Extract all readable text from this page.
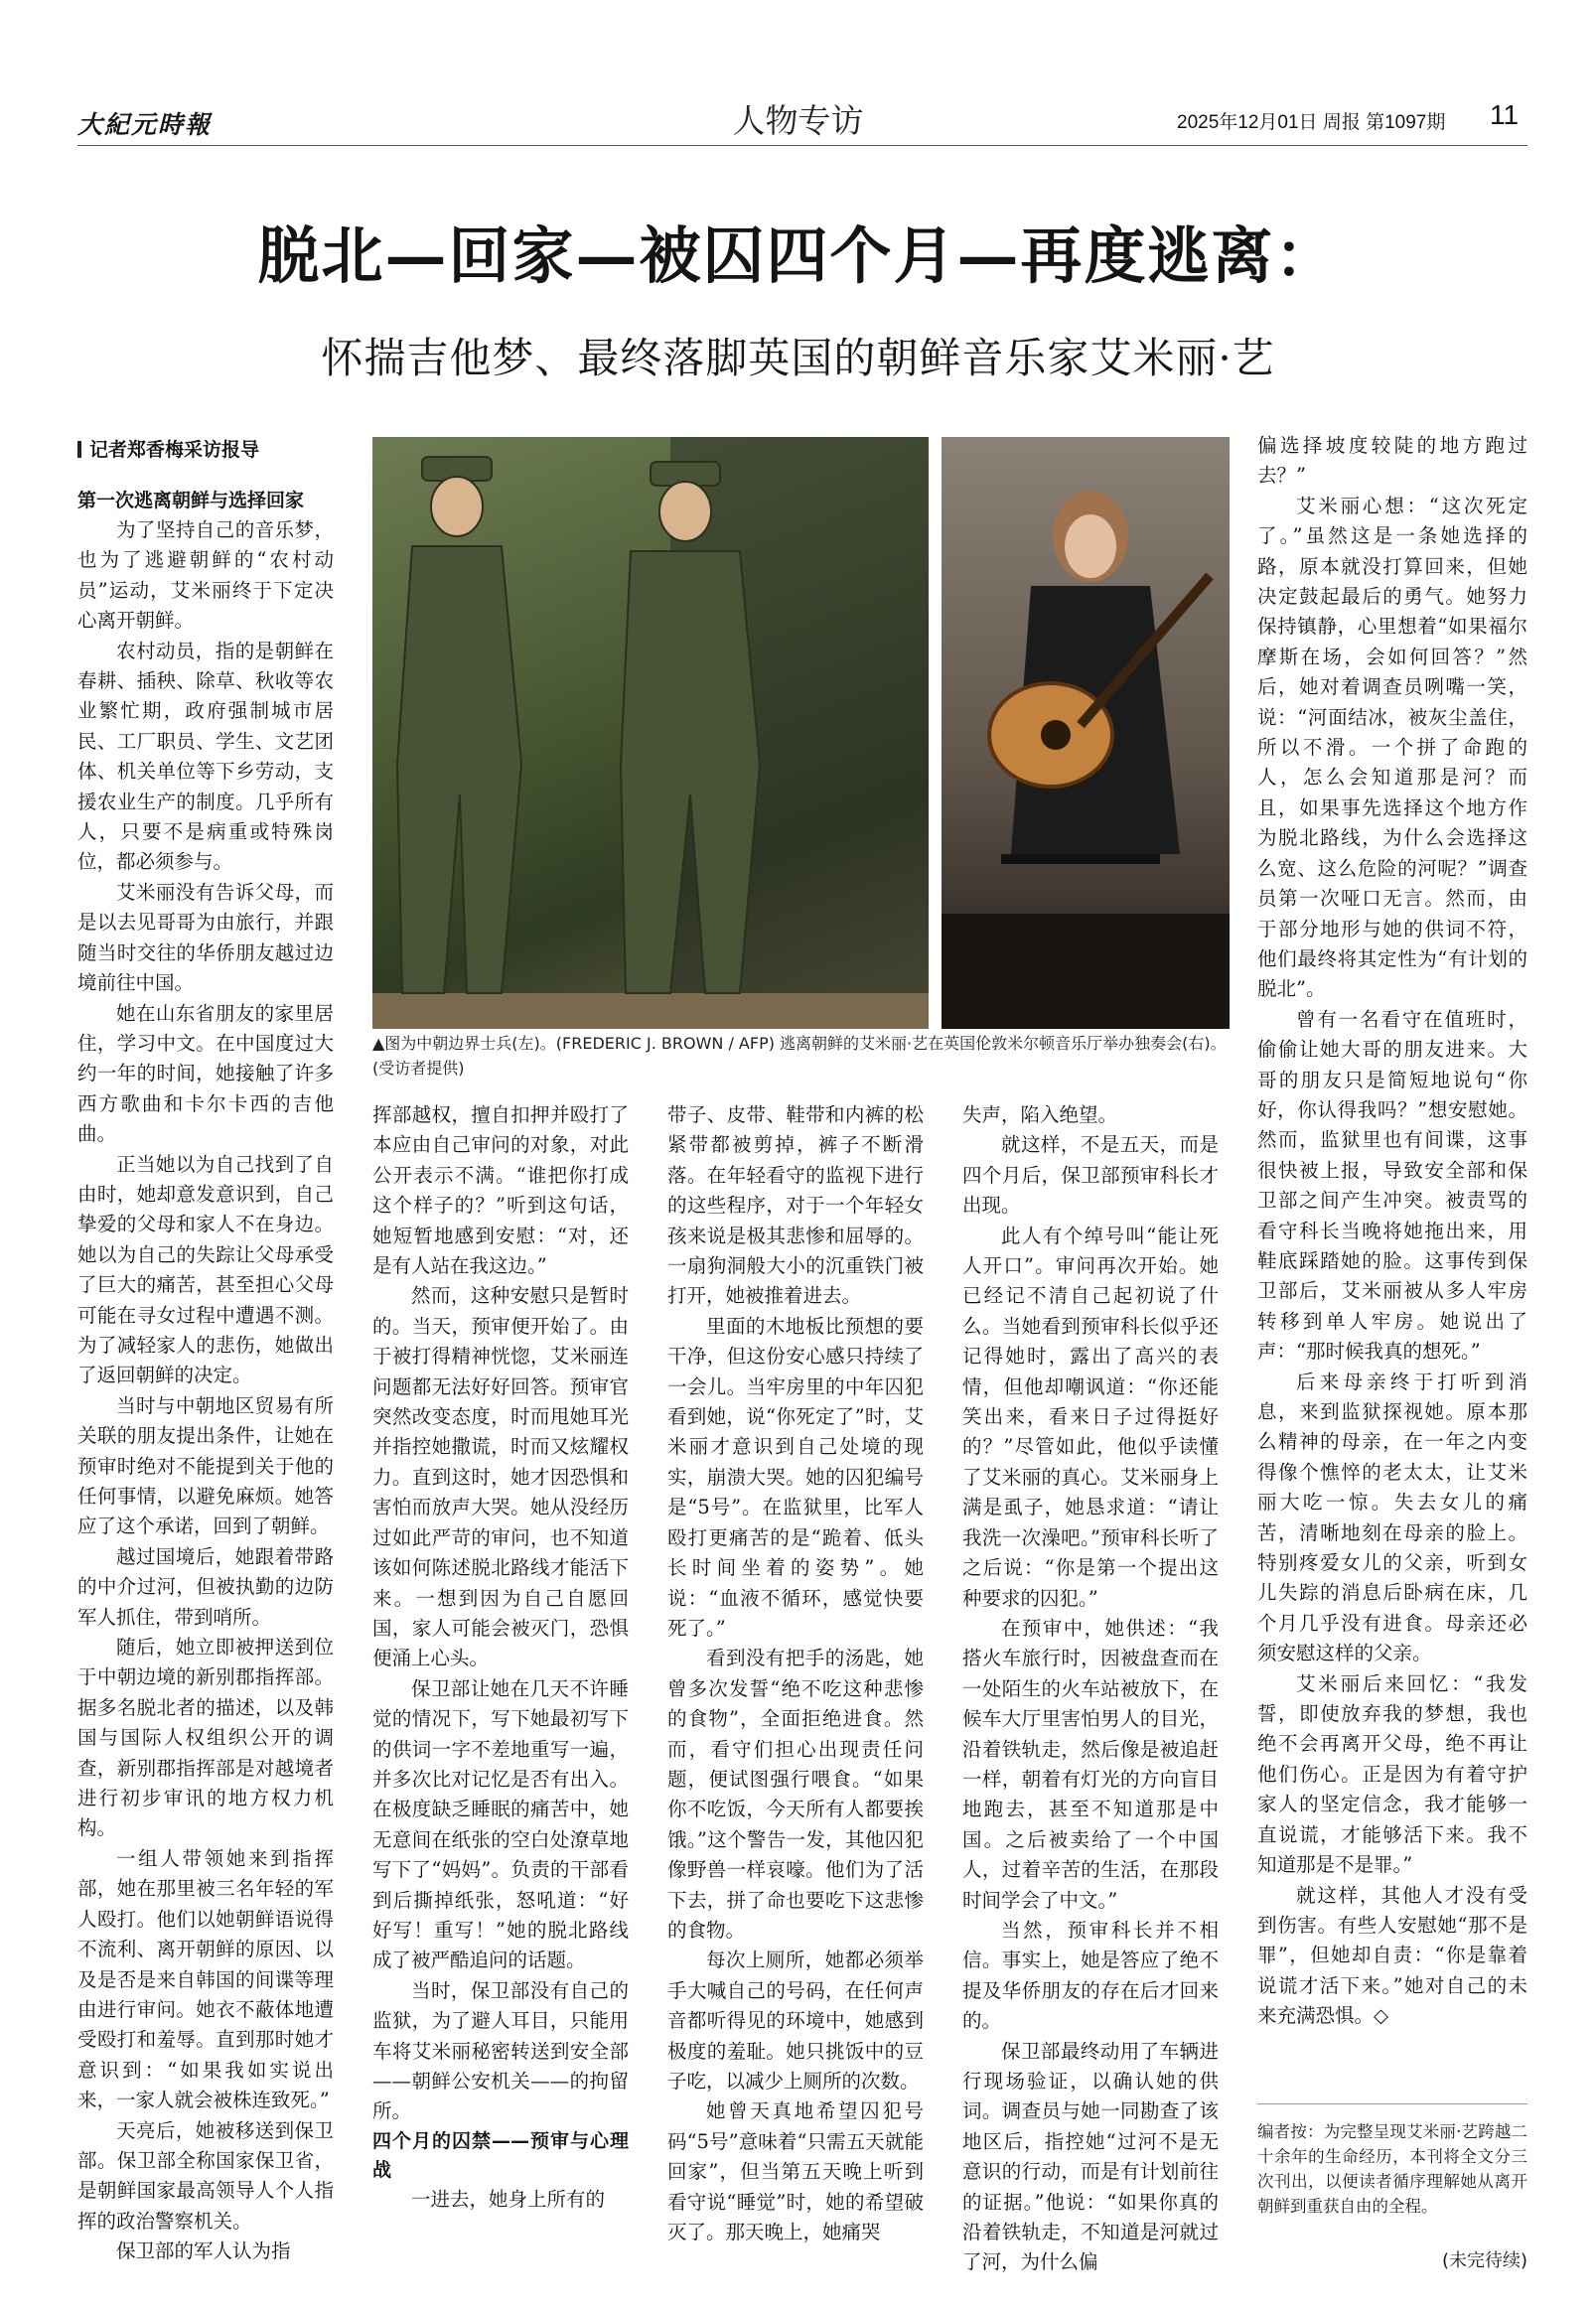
大紀元時報	人物专访	2025年12月01日 周报 第1097期 11
脱北—回家—被囚四个月—再度逃离：
怀揣吉他梦、最终落脚英国的朝鲜音乐家艾米丽·艺
记者郑香梅采访报导
第一次逃离朝鲜与选择回家

为了坚持自己的音乐梦，也为了逃避朝鲜的“农村动员”运动，艾米丽终于下定决心离开朝鲜。

农村动员，指的是朝鲜在春耕、插秧、除草、秋收等农业繁忙期，政府强制城市居民、工厂职员、学生、文艺团体、机关单位等下乡劳动，支援农业生产的制度。几乎所有人，只要不是病重或特殊岗位，都必须参与。

艾米丽没有告诉父母，而是以去见哥哥为由旅行，并跟随当时交往的华侨朋友越过边境前往中国。

她在山东省朋友的家里居住，学习中文。在中国度过大约一年的时间，她接触了许多西方歌曲和卡尔卡西的吉他曲。

正当她以为自己找到了自由时，她却意发意识到，自己挚爱的父母和家人不在身边。她以为自己的失踪让父母承受了巨大的痛苦，甚至担心父母可能在寻女过程中遭遇不测。为了减轻家人的悲伤，她做出了返回朝鲜的决定。

当时与中朝地区贸易有所关联的朋友提出条件，让她在预审时绝对不能提到关于他的任何事情，以避免麻烦。她答应了这个承诺，回到了朝鲜。

越过国境后，她跟着带路的中介过河，但被执勤的边防军人抓住，带到哨所。

随后，她立即被押送到位于中朝边境的新别郡指挥部。据多名脱北者的描述，以及韩国与国际人权组织公开的调查，新别郡指挥部是对越境者进行初步审讯的地方权力机构。

一组人带领她来到指挥部，她在那里被三名年轻的军人殴打。他们以她朝鲜语说得不流利、离开朝鲜的原因、以及是否是来自韩国的间谍等理由进行审问。她衣不蔽体地遭受殴打和羞辱。直到那时她才意识到：“如果我如实说出来，一家人就会被株连致死。”

天亮后，她被移送到保卫部。保卫部全称国家保卫省，是朝鲜国家最高领导人个人指挥的政治警察机关。

保卫部的军人认为指

▲图为中朝边界士兵(左)。(FREDERIC J. BROWN / AFP) 逃离朝鲜的艾米丽·艺在英国伦敦米尔顿音乐厅举办独奏会(右)。(受访者提供)

挥部越权，擅自扣押并殴打了本应由自己审问的对象，对此公开表示不满。“谁把你打成这个样子的？”听到这句话，她短暂地感到安慰：“对，还是有人站在我这边。”

然而，这种安慰只是暂时的。当天，预审便开始了。由于被打得精神恍惚，艾米丽连问题都无法好好回答。预审官突然改变态度，时而甩她耳光并指控她撒谎，时而又炫耀权力。直到这时，她才因恐惧和害怕而放声大哭。她从没经历过如此严苛的审问，也不知道该如何陈述脱北路线才能活下来。一想到因为自己自愿回国，家人可能会被灭门，恐惧便涌上心头。

保卫部让她在几天不许睡觉的情况下，写下她最初写下的供词一字不差地重写一遍，并多次比对记忆是否有出入。在极度缺乏睡眠的痛苦中，她无意间在纸张的空白处潦草地写下了“妈妈”。负责的干部看到后撕掉纸张，怒吼道：“好好写！重写！”她的脱北路线成了被严酷追问的话题。

当时，保卫部没有自己的监狱，为了避人耳目，只能用车将艾米丽秘密转送到安全部——朝鲜公安机关——的拘留所。

四个月的囚禁——预审与心理战

一进去，她身上所有的

带子、皮带、鞋带和内裤的松紧带都被剪掉，裤子不断滑落。在年轻看守的监视下进行的这些程序，对于一个年轻女孩来说是极其悲惨和屈辱的。一扇狗洞般大小的沉重铁门被打开，她被推着进去。

里面的木地板比预想的要干净，但这份安心感只持续了一会儿。当牢房里的中年囚犯看到她，说“你死定了”时，艾米丽才意识到自己处境的现实，崩溃大哭。她的囚犯编号是“5号”。在监狱里，比军人殴打更痛苦的是“跪着、低头长时间坐着的姿势”。她说：“血液不循环，感觉快要死了。”

看到没有把手的汤匙，她曾多次发誓“绝不吃这种悲惨的食物”，全面拒绝进食。然而，看守们担心出现责任问题，便试图强行喂食。“如果你不吃饭，今天所有人都要挨饿。”这个警告一发，其他囚犯像野兽一样哀嚎。他们为了活下去，拼了命也要吃下这悲惨的食物。

每次上厕所，她都必须举手大喊自己的号码，在任何声音都听得见的环境中，她感到极度的羞耻。她只挑饭中的豆子吃，以减少上厕所的次数。

她曾天真地希望囚犯号码“5号”意味着“只需五天就能回家”，但当第五天晚上听到看守说“睡觉”时，她的希望破灭了。那天晚上，她痛哭

失声，陷入绝望。

就这样，不是五天，而是四个月后，保卫部预审科长才出现。

此人有个绰号叫“能让死人开口”。审问再次开始。她已经记不清自己起初说了什么。当她看到预审科长似乎还记得她时，露出了高兴的表情，但他却嘲讽道：“你还能笑出来，看来日子过得挺好的？”尽管如此，他似乎读懂了艾米丽的真心。艾米丽身上满是虱子，她恳求道：“请让我洗一次澡吧。”预审科长听了之后说：“你是第一个提出这种要求的囚犯。”

在预审中，她供述：“我搭火车旅行时，因被盘查而在一处陌生的火车站被放下，在候车大厅里害怕男人的目光，沿着铁轨走，然后像是被追赶一样，朝着有灯光的方向盲目地跑去，甚至不知道那是中国。之后被卖给了一个中国人，过着辛苦的生活，在那段时间学会了中文。”

当然，预审科长并不相信。事实上，她是答应了绝不提及华侨朋友的存在后才回来的。

保卫部最终动用了车辆进行现场验证，以确认她的供词。调查员与她一同勘查了该地区后，指控她“过河不是无意识的行动，而是有计划前往的证据。”他说：“如果你真的沿着铁轨走，不知道是河就过了河，为什么偏

偏选择坡度较陡的地方跑过去？”

艾米丽心想：“这次死定了。”虽然这是一条她选择的路，原本就没打算回来，但她决定鼓起最后的勇气。她努力保持镇静，心里想着“如果福尔摩斯在场，会如何回答？”然后，她对着调查员咧嘴一笑，说：“河面结冰，被灰尘盖住，所以不滑。一个拼了命跑的人，怎么会知道那是河？而且，如果事先选择这个地方作为脱北路线，为什么会选择这么宽、这么危险的河呢？”调查员第一次哑口无言。然而，由于部分地形与她的供词不符，他们最终将其定性为“有计划的脱北”。

曾有一名看守在值班时，偷偷让她大哥的朋友进来。大哥的朋友只是简短地说句“你好，你认得我吗？”想安慰她。然而，监狱里也有间谍，这事很快被上报，导致安全部和保卫部之间产生冲突。被责骂的看守科长当晚将她拖出来，用鞋底踩踏她的脸。这事传到保卫部后，艾米丽被从多人牢房转移到单人牢房。她说出了声：“那时候我真的想死。”

后来母亲终于打听到消息，来到监狱探视她。原本那么精神的母亲，在一年之内变得像个憔悴的老太太，让艾米丽大吃一惊。失去女儿的痛苦，清晰地刻在母亲的脸上。特别疼爱女儿的父亲，听到女儿失踪的消息后卧病在床，几个月几乎没有进食。母亲还必须安慰这样的父亲。

艾米丽后来回忆：“我发誓，即使放弃我的梦想，我也绝不会再离开父母，绝不再让他们伤心。正是因为有着守护家人的坚定信念，我才能够一直说谎，才能够活下来。我不知道那是不是罪。”

就这样，其他人才没有受到伤害。有些人安慰她“那不是罪”，但她却自责：“你是靠着说谎才活下来。”她对自己的未来充满恐惧。◇

编者按：为完整呈现艾米丽·艺跨越二十余年的生命经历，本刊将全文分三次刊出，以便读者循序理解她从离开朝鲜到重获自由的全程。
(未完待续)
